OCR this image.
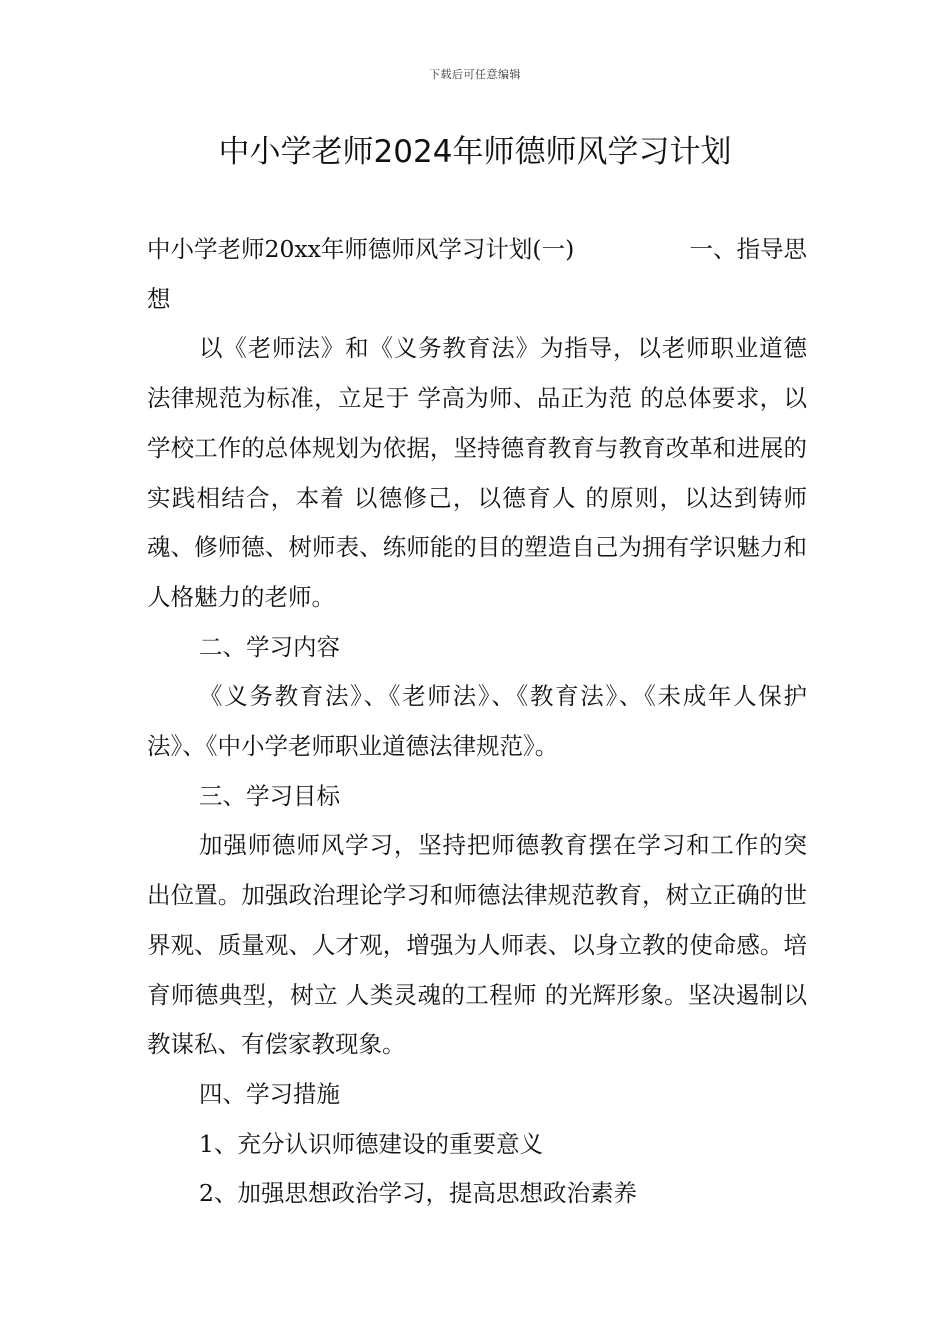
下载后可任意编辑
中小学老师2024年师德师风学习计划

中小学老师20xx年师德师风学习计划(一)	一、指导思

想

以《老师法》和《义务教育法》为指导，以老师职业道德法律规范为标准，立足于 学高为师、品正为范 的总体要求，以学校工作的总体规划为依据，坚持德育教育与教育改革和进展的实践相结合，本着 以德修己，以德育人 的原则，以达到铸师魂、修师德、树师表、练师能的目的塑造自己为拥有学识魅力和人格魅力的老师。

二、学习内容

《义务教育法》、《老师法》、《教育法》、《未成年人保护法》、《中小学老师职业道德法律规范》。

三、学习目标

加强师德师风学习，坚持把师德教育摆在学习和工作的突出位置。加强政治理论学习和师德法律规范教育，树立正确的世界观、质量观、人才观，增强为人师表、以身立教的使命感。培育师德典型，树立 人类灵魂的工程师 的光辉形象。坚决遏制以教谋私、有偿家教现象。

四、学习措施

1、充分认识师德建设的重要意义

2、加强思想政治学习，提高思想政治素养
